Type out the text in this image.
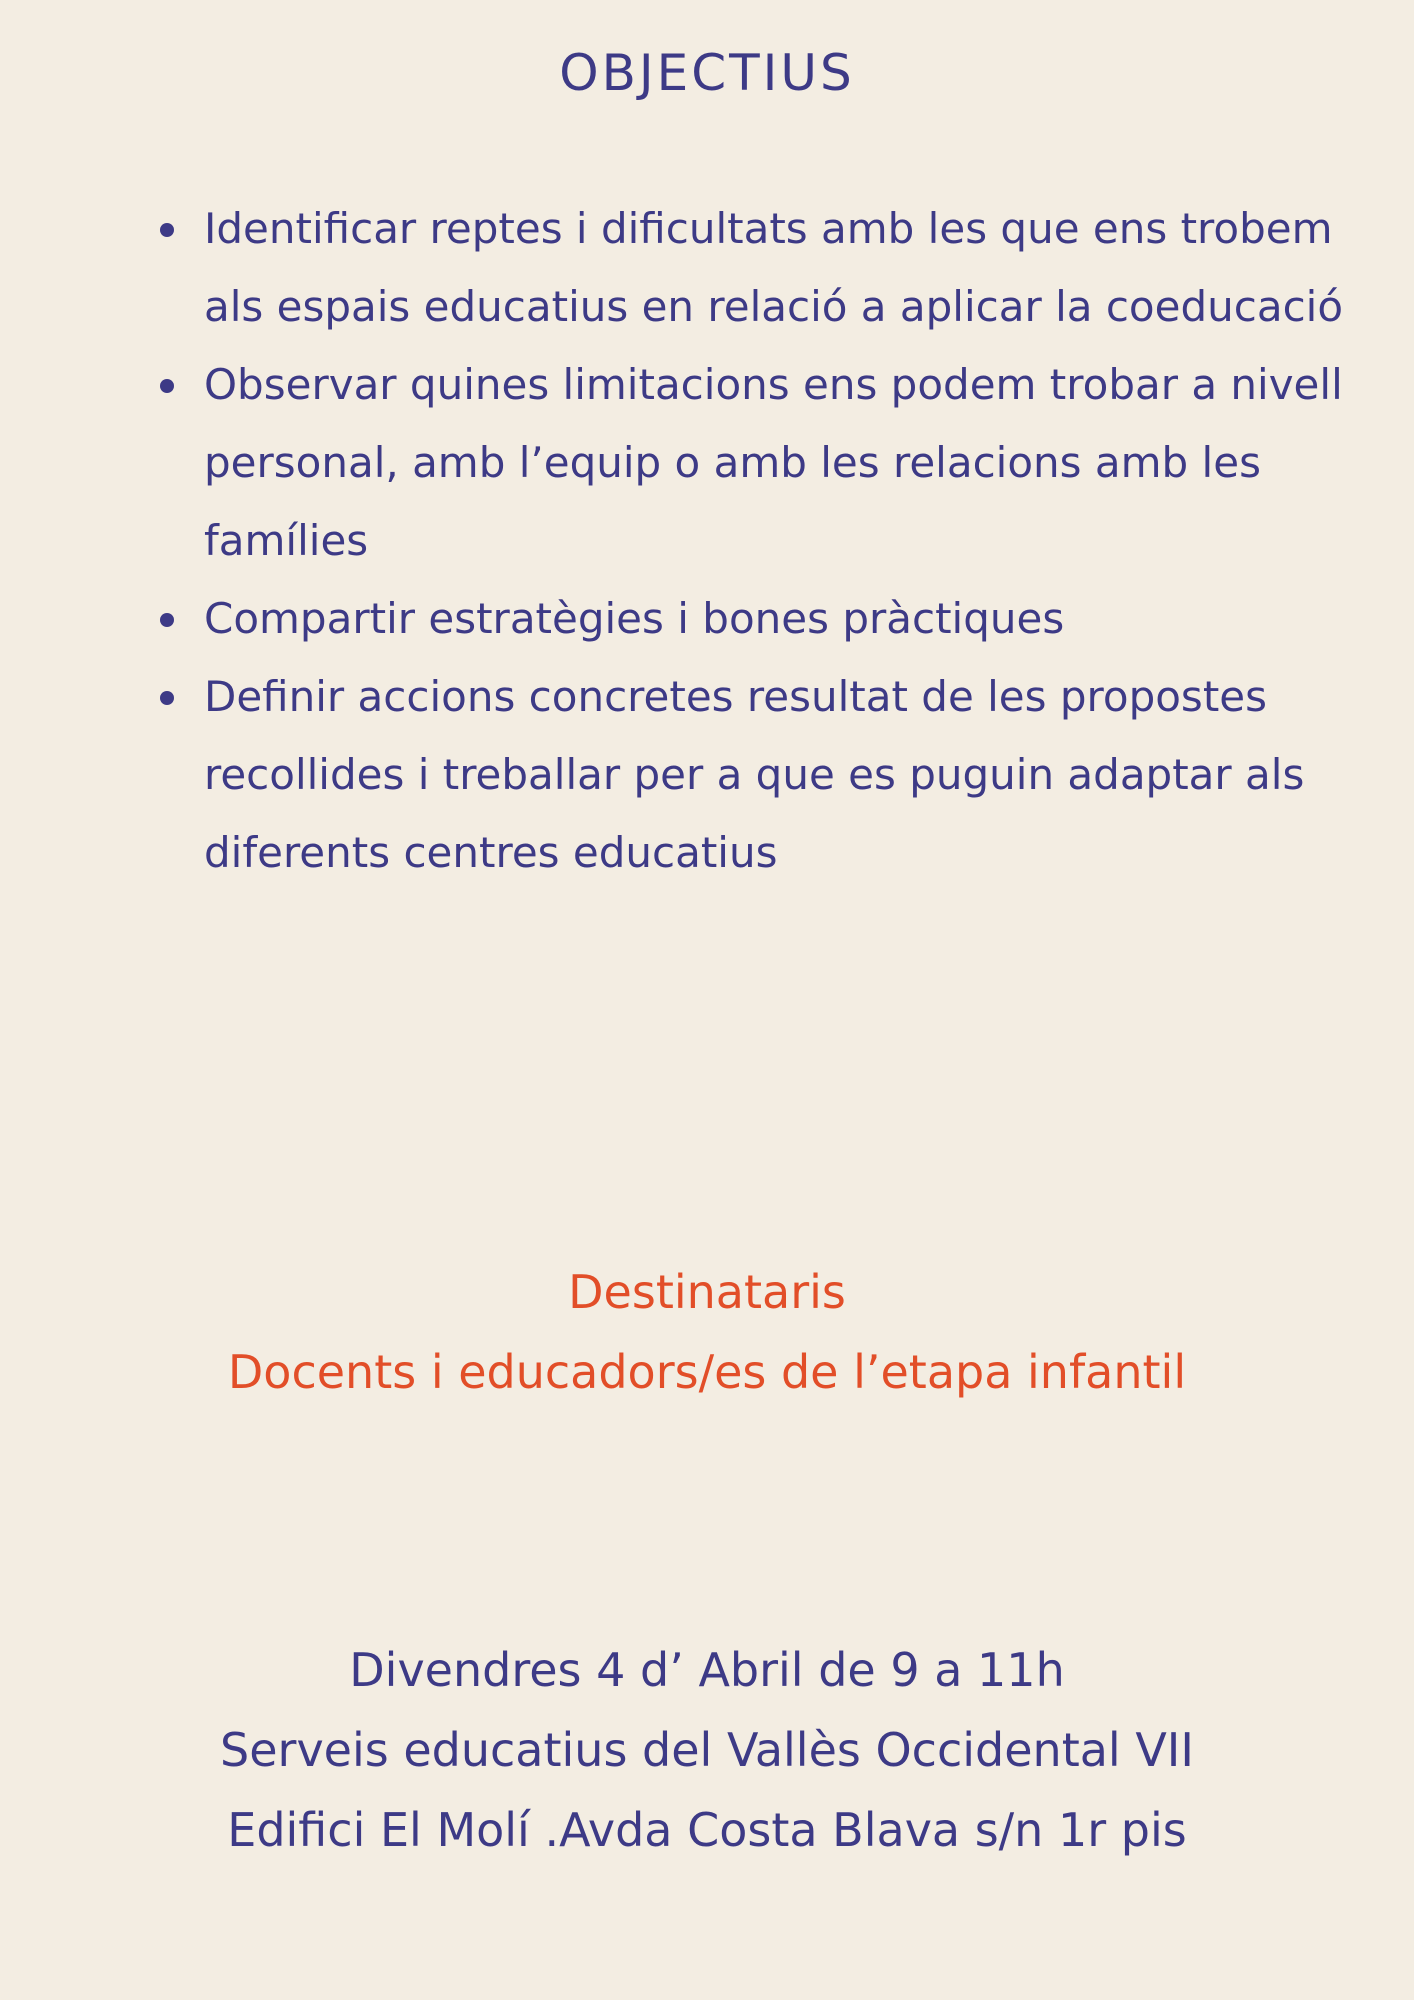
OBJECTIUS
Identificar reptes i dificultats amb les que ens trobem als espais educatius en relació a aplicar la coeducació
Observar quines limitacions ens podem trobar a nivell personal, amb l’equip o amb les relacions amb les famílies
Compartir estratègies i bones pràctiques
Definir accions concretes resultat de les propostes recollides i treballar per a que es puguin adaptar als diferents centres educatius
Destinataris
Docents i educadors/es de l’etapa infantil
Divendres 4 d’ Abril de 9 a 11h
Serveis educatius del Vallès Occidental VII
Edifici El Molí .Avda Costa Blava s/n 1r pis
